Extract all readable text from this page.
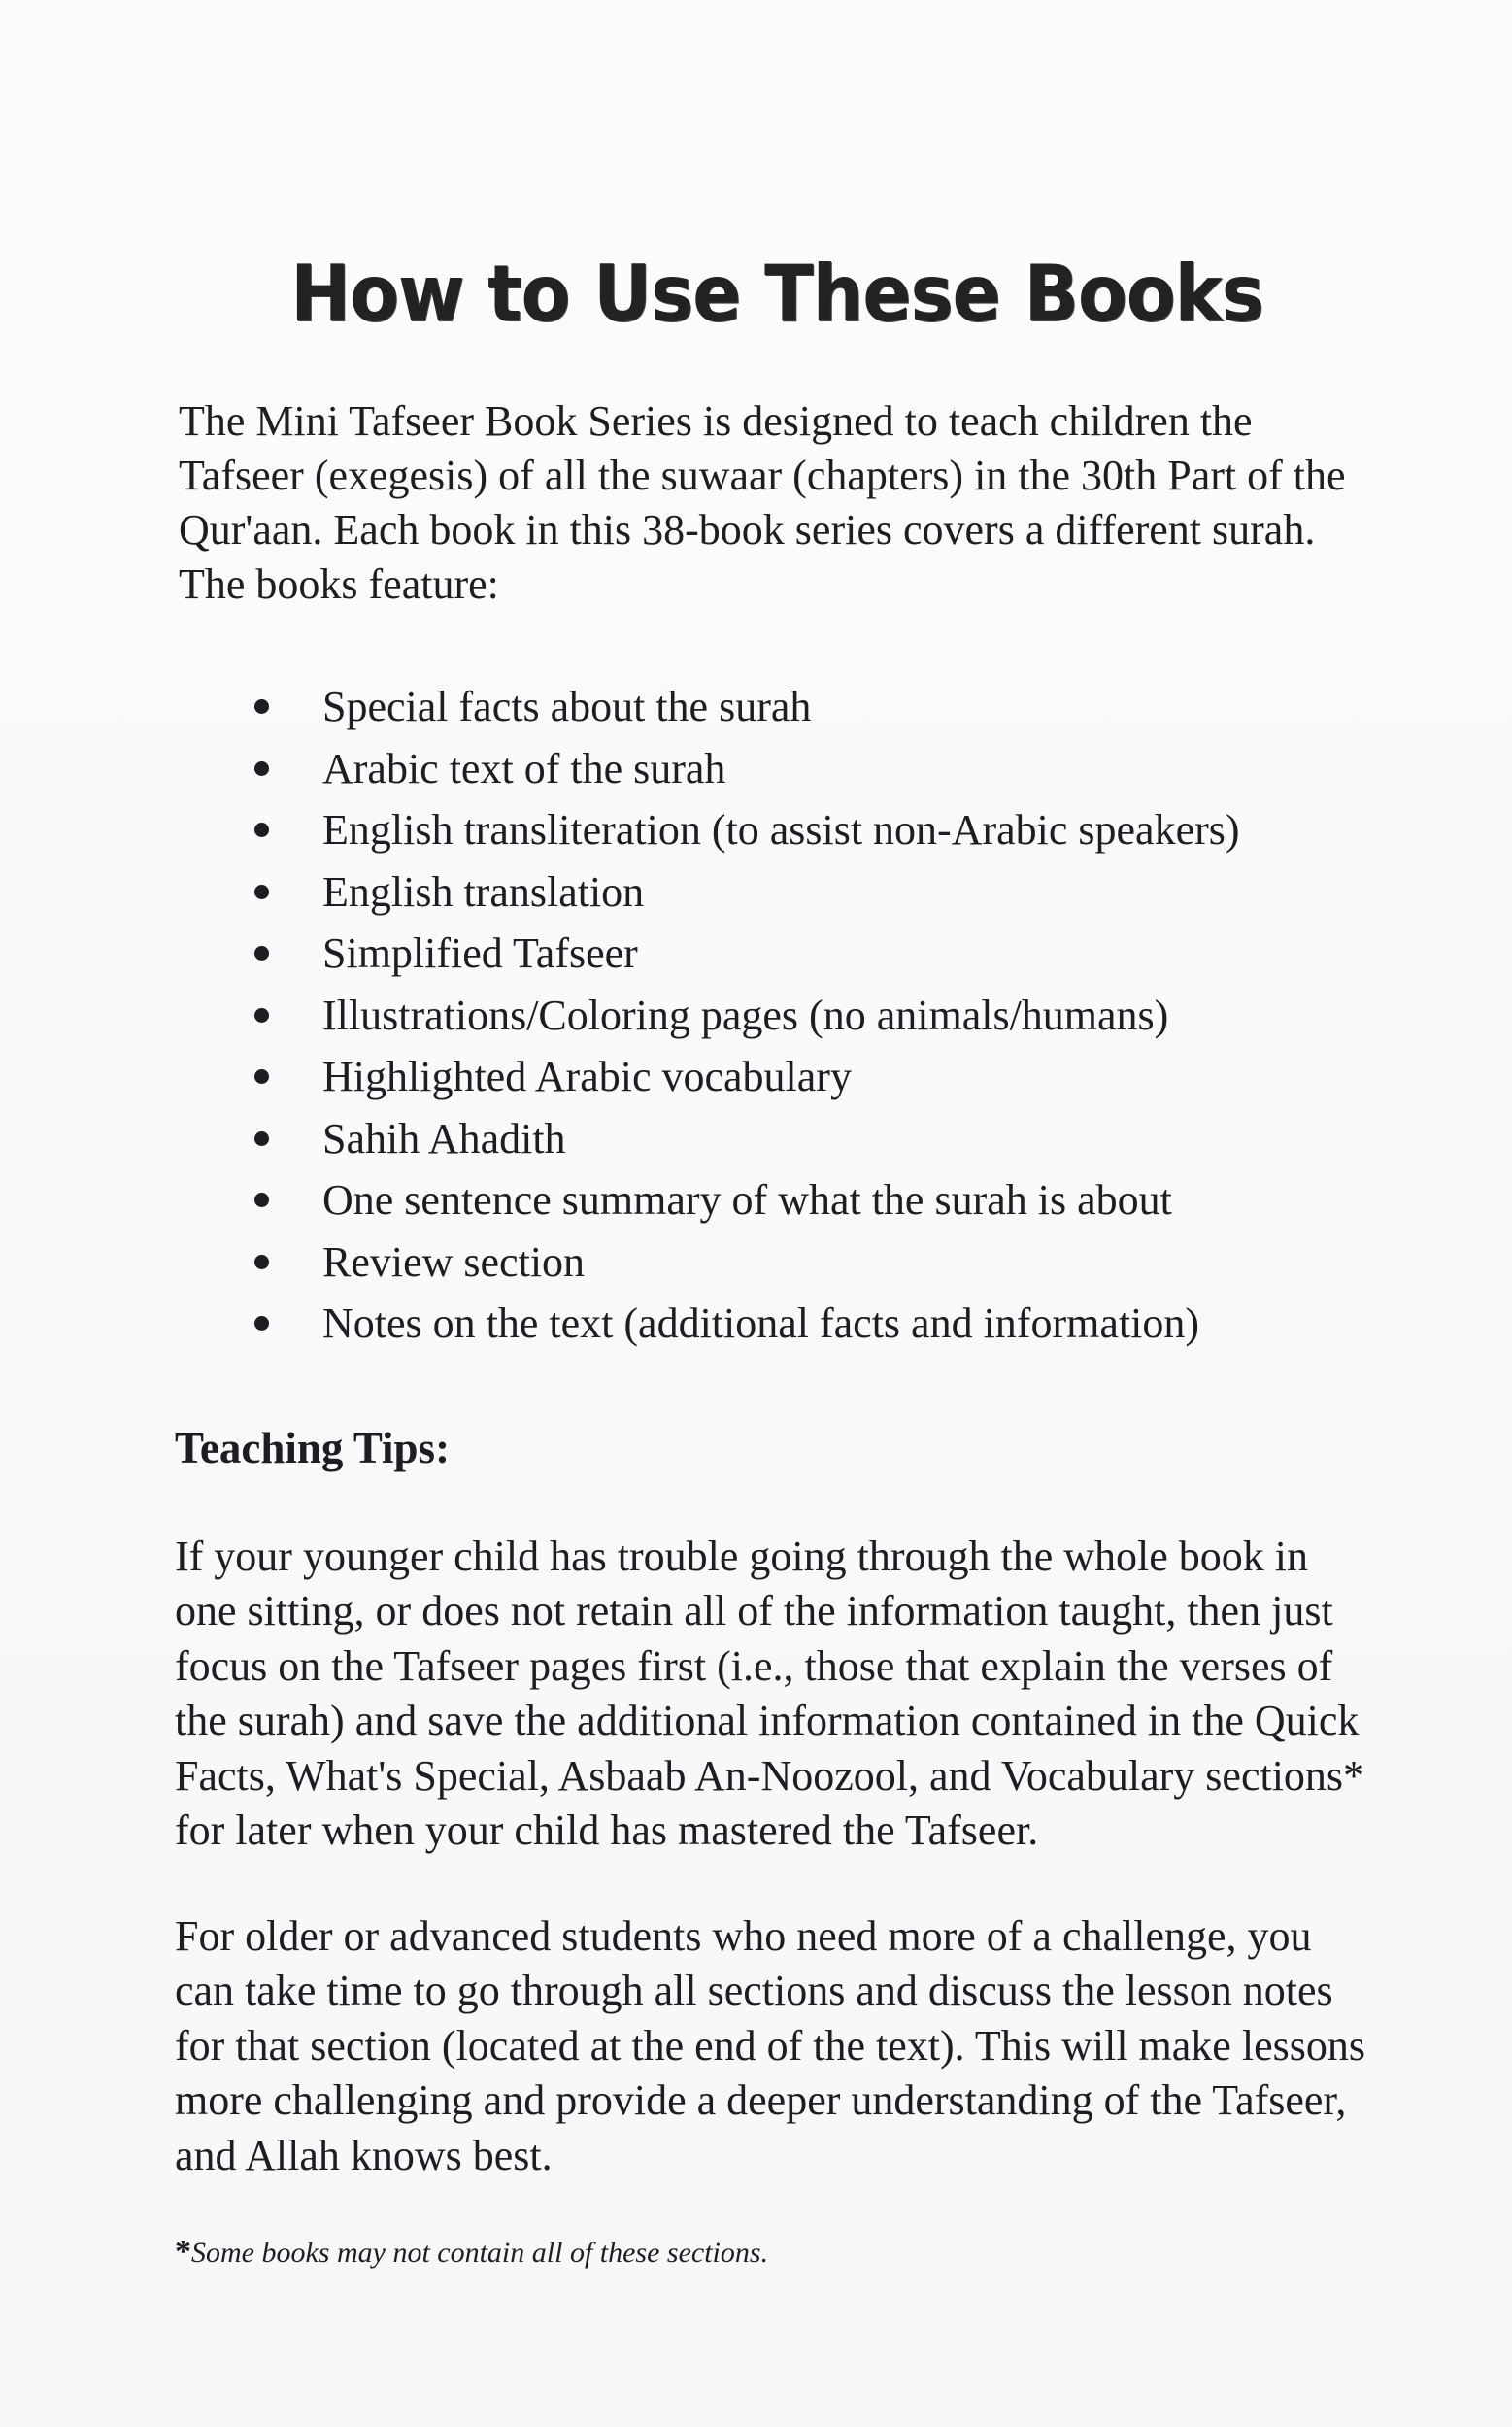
How to Use These Books
The Mini Tafseer Book Series is designed to teach children the Tafseer (exegesis) of all the suwaar (chapters) in the 30th Part of the Qur'aan. Each book in this 38-book series covers a different surah. The books feature:
Special facts about the surah
Arabic text of the surah
English transliteration (to assist non-Arabic speakers)
English translation
Simplified Tafseer
Illustrations/Coloring pages (no animals/humans)
Highlighted Arabic vocabulary
Sahih Ahadith
One sentence summary of what the surah is about
Review section
Notes on the text (additional facts and information)
Teaching Tips:
If your younger child has trouble going through the whole book in one sitting, or does not retain all of the information taught, then just focus on the Tafseer pages first (i.e., those that explain the verses of the surah) and save the additional information contained in the Quick Facts, What's Special, Asbaab An-Noozool, and Vocabulary sections* for later when your child has mastered the Tafseer.
For older or advanced students who need more of a challenge, you can take time to go through all sections and discuss the lesson notes for that section (located at the end of the text). This will make lessons more challenging and provide a deeper understanding of the Tafseer, and Allah knows best.
*Some books may not contain all of these sections.
